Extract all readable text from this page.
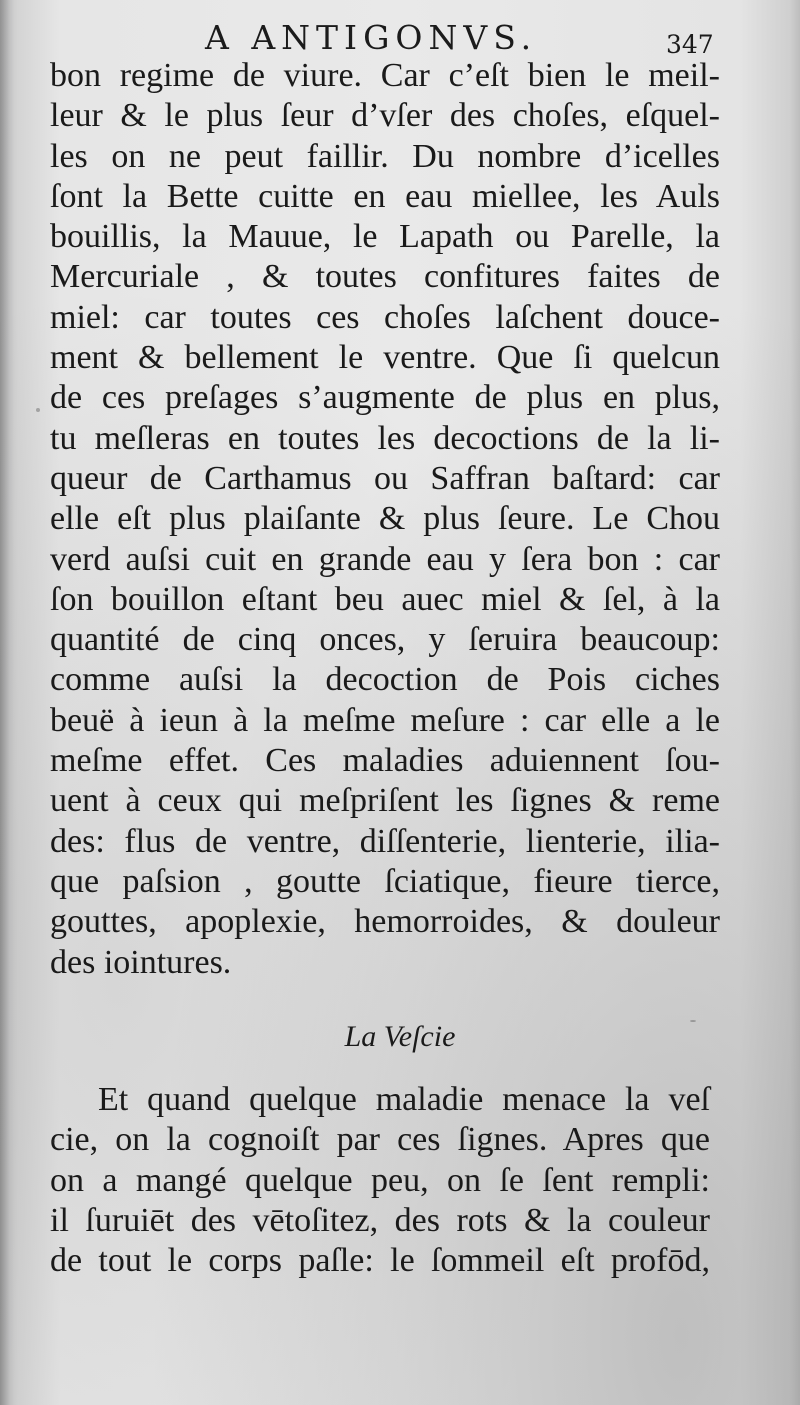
A ANTIGONVS.	347
bon regime de viure. Car c’eſt bien le meil-
leur & le plus ſeur d’vſer des choſes, eſquel-
les on ne peut faillir. Du nombre d’icelles
ſont la Bette cuitte en eau miellee, les Auls
bouillis, la Mauue, le Lapath ou Parelle, la
Mercuriale , & toutes confitures faites de
miel: car toutes ces choſes laſchent douce-
ment & bellement le ventre. Que ſi quelcun
de ces preſages s’augmente de plus en plus,
tu meſleras en toutes les decoctions de la li-
queur de Carthamus ou Saffran baſtard: car
elle eſt plus plaiſante & plus ſeure. Le Chou
verd auſsi cuit en grande eau y ſera bon : car
ſon bouillon eſtant beu auec miel & ſel, à la
quantité de cinq onces, y ſeruira beaucoup:
comme auſsi la decoction de Pois ciches
beuë à ieun à la meſme meſure : car elle a le
meſme effet. Ces maladies aduiennent ſou-
uent à ceux qui meſpriſent les ſignes & reme
des: flus de ventre, diſſenterie, lienterie, ilia-
que paſsion , goutte ſciatique, fieure tierce,
gouttes, apoplexie, hemorroides, & douleur
des iointures.
La Veſcie
Et quand quelque maladie menace la veſ
cie, on la cognoiſt par ces ſignes. Apres que
on a mangé quelque peu, on ſe ſent rempli:
il ſuruiēt des vētoſitez, des rots & la couleur
de tout le corps paſle: le ſommeil eſt profōd,
